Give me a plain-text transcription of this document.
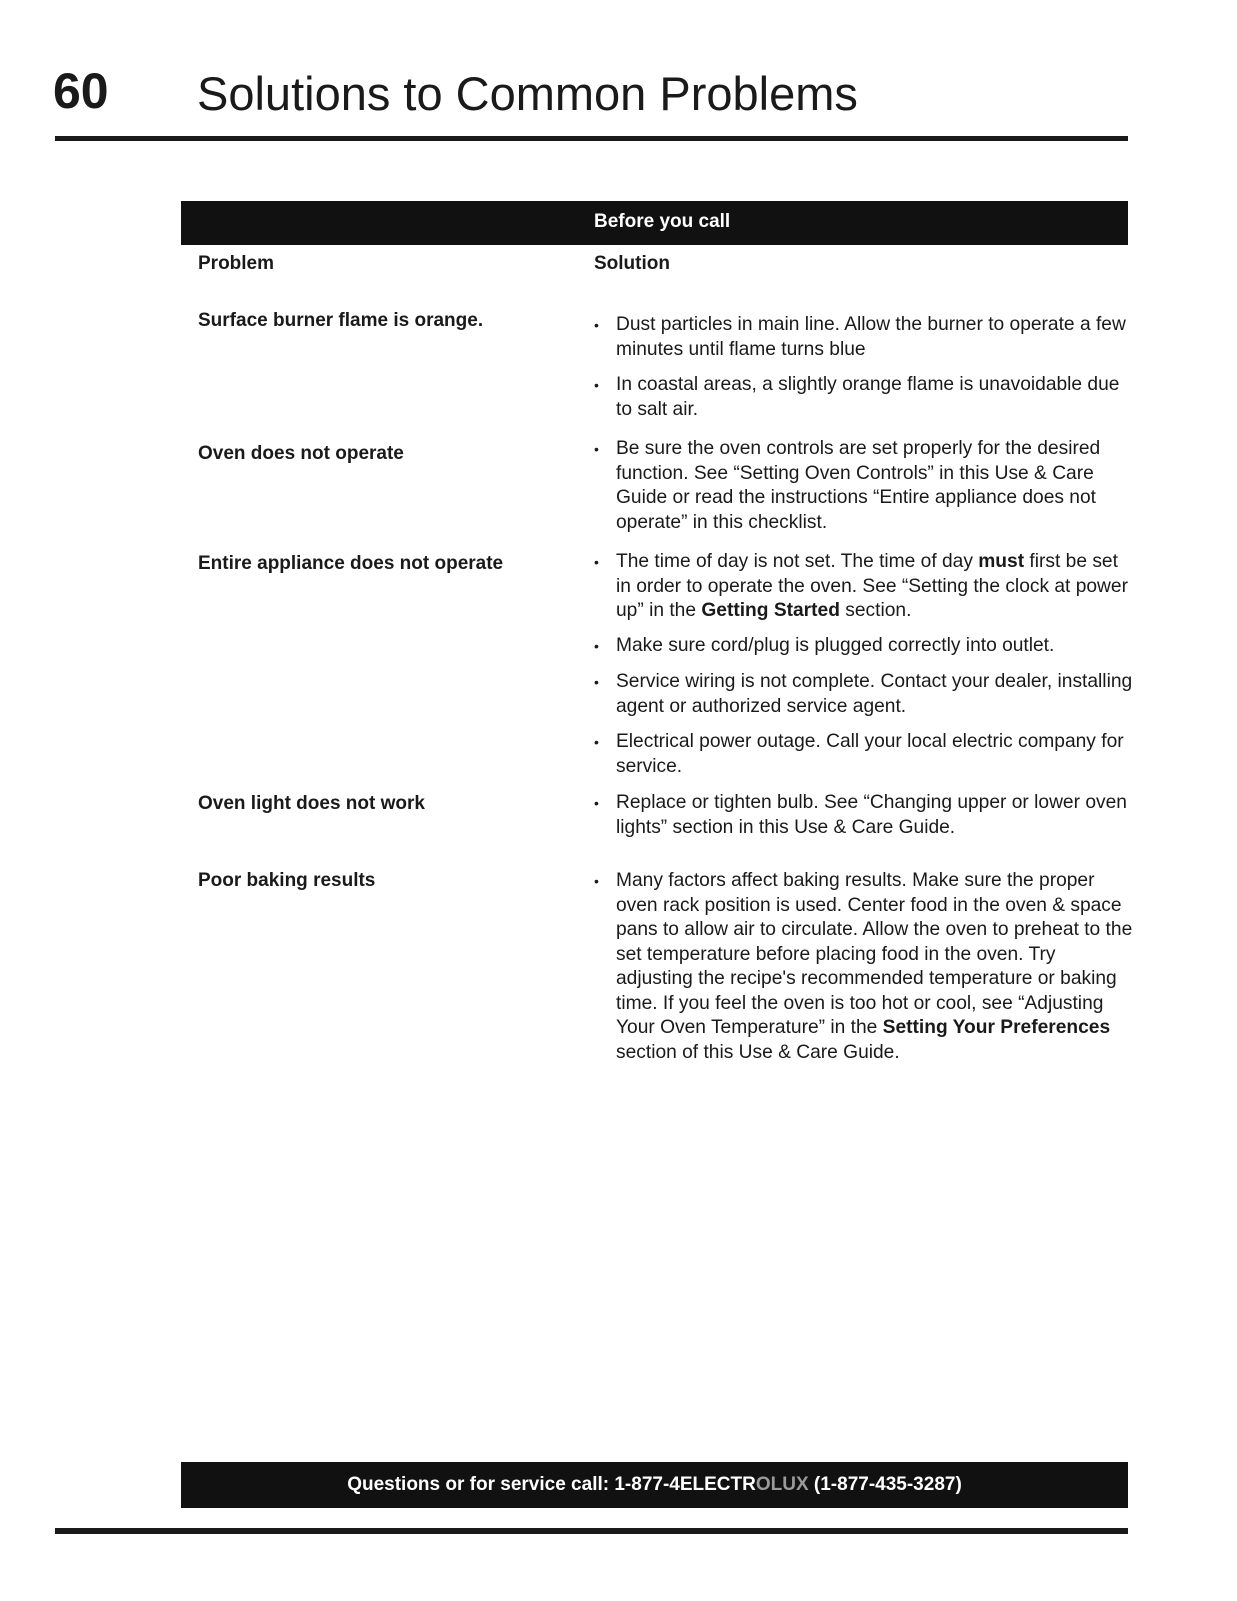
60 Solutions to Common Problems
Before you call
Problem	Solution
Surface burner flame is orange.	• Dust particles in main line. Allow the burner to operate a few minutes until flame turns blue
• In coastal areas, a slightly orange flame is unavoidable due to salt air.
Oven does not operate	• Be sure the oven controls are set properly for the desired function. See “Setting Oven Controls” in this Use & Care Guide or read the instructions “Entire appliance does not operate” in this checklist.
Entire appliance does not operate	• The time of day is not set. The time of day must first be set in order to operate the oven. See “Setting the clock at power up” in the Getting Started section.
• Make sure cord/plug is plugged correctly into outlet.
• Service wiring is not complete. Contact your dealer, installing agent or authorized service agent.
• Electrical power outage. Call your local electric company for service.
Oven light does not work	• Replace or tighten bulb. See “Changing upper or lower oven lights” section in this Use & Care Guide.
Poor baking results	• Many factors affect baking results. Make sure the proper oven rack position is used. Center food in the oven & space pans to allow air to circulate. Allow the oven to preheat to the set temperature before placing food in the oven. Try adjusting the recipe's recommended temperature or baking time. If you feel the oven is too hot or cool, see “Adjusting Your Oven Temperature” in the Setting Your Preferences section of this Use & Care Guide.
Questions or for service call: 1-877-4ELECTROLUX (1-877-435-3287)
